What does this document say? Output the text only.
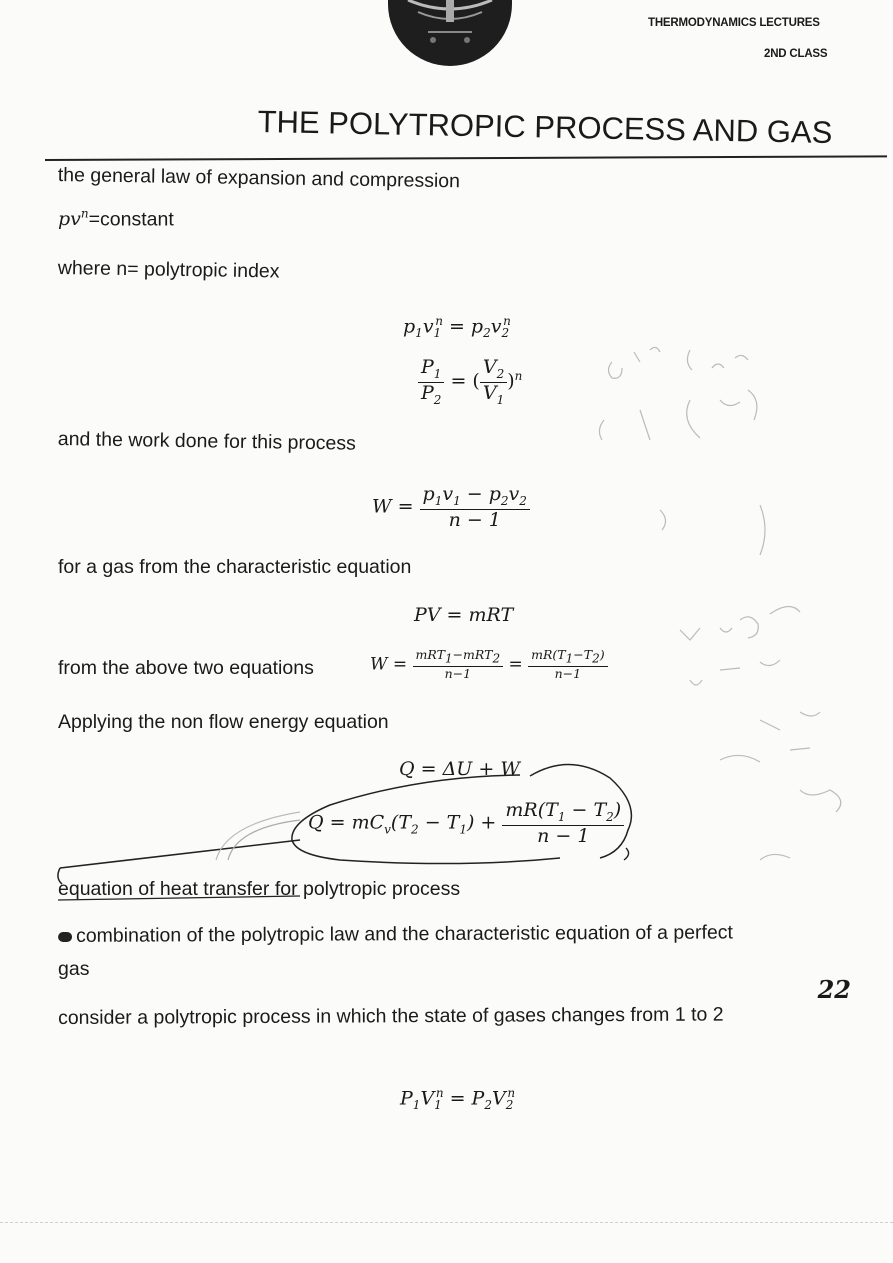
THERMODYNAMICS LECTURES
2ND CLASS
THE POLYTROPIC PROCESS AND GAS
the general law of expansion and compression
$pv^n=constant$
where n= polytropic index
$p_1v_1^n = p_2v_2^n$
$\frac{P_1}{P_2}$ = ( $\frac{V_2}{V_1} )^n$
and the work done for this process
$W = \frac{p_1v_1 - p_2v_2}{n - 1}$
for a gas from the characteristic equation
PV = mRT
from the above two equations	$W = \frac{mRT_1-mRT_2}{n-1} = \frac{mR(T_1-T_2)}{n-1}$
Applying the non flow energy equation
Q = ΔU + W
$Q = mC_v(T_2 - T_1) + \frac{mR(T_1 - T_2)}{n - 1}$
equation of heat transfer for polytropic process
combination of the polytropic law and the characteristic equation of a perfect
gas
consider a polytropic process in which the state of gases changes from 1 to 2
$P_1V_1^n = P_2V_2^n$
22
